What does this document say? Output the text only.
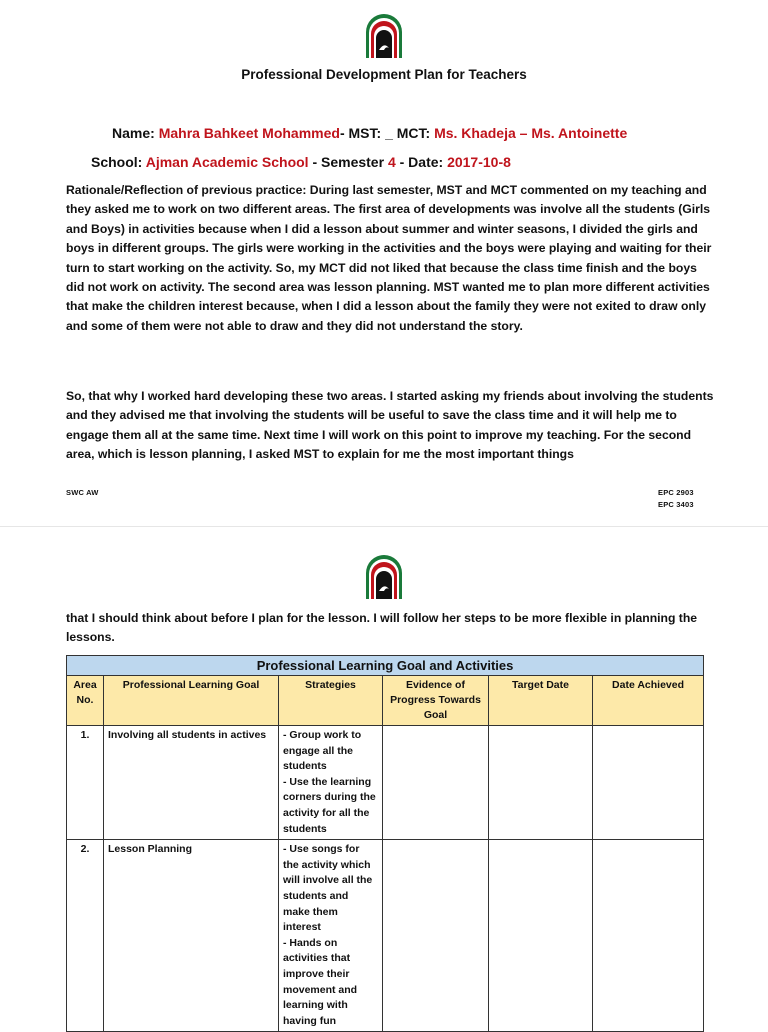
Professional Development Plan for Teachers
Name: Mahra Bahkeet Mohammed- MST: _ MCT: Ms. Khadeja – Ms. Antoinette
School: Ajman Academic School - Semester 4 - Date: 2017-10-8

Rationale/Reflection of previous practice: During last semester, MST and MCT commented on my teaching and they asked me to work on two different areas. The first area of developments was involve all the students (Girls and Boys) in activities because when I did a lesson about summer and winter seasons, I divided the girls and boys in different groups. The girls were working in the activities and the boys were playing and waiting for their turn to start working on the activity. So, my MCT did not liked that because the class time finish and the boys did not work on activity. The second area was lesson planning. MST wanted me to plan more different activities that make the children interest because, when I did a lesson about the family they were not exited to draw only and some of them were not able to draw and they did not understand the story.

So, that why I worked hard developing these two areas. I started asking my friends about involving the students and they advised me that involving the students will be useful to save the class time and it will help me to engage them all at the same time. Next time I will work on this point to improve my teaching. For the second area, which is lesson planning, I asked MST to explain for me the most important things

SWC AW	EPC 2903
EPC 3403

that I should think about before I plan for the lesson. I will follow her steps to be more flexible in planning the lessons.

Professional Learning Goal and Activities					
Area No.	Professional Learning Goal	Strategies	Evidence of Progress Towards Goal	Target Date	Date Achieved
1.	Involving all students in actives	- Group work to engage all the students
- Use the learning corners during the activity for all the students			
2.	Lesson Planning	- Use songs for the activity which will involve all the students and make them interest
- Hands on activities that improve their movement and learning with having fun			
